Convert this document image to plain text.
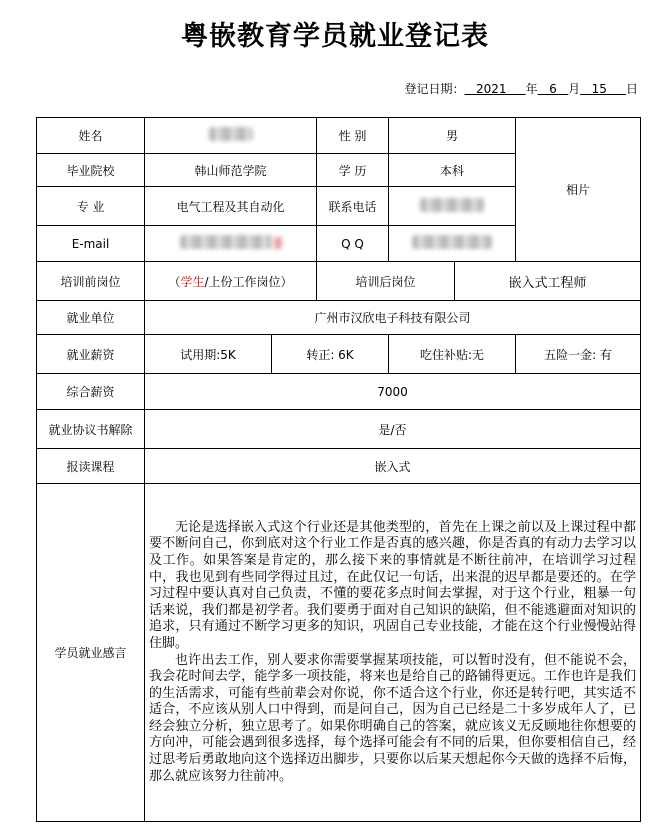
粤嵌教育学员就业登记表
登记日期： 2021 年 6 月 15 日
姓名			性 别	男		相片
毕业院校	韩山师范学院		学 历	本科		
专 业	电气工程及其自动化		联系电话			
E-mail			Q Q			
培训前岗位	（学生/上份工作岗位）		培训后岗位		嵌入式工程师	
就业单位	广州市汉欣电子科技有限公司					
就业薪资	试用期:5K	转正: 6K		吃住补贴:无		五险一金: 有
综合薪资	7000					
就业协议书解除	是/否					
报读课程	嵌入式					
学员就业感言	无论是选择嵌入式这个行业还是其他类型的，首先在上课之前以及上课过程中都要不断问自己，你到底对这个行业工作是否真的感兴趣，你是否真的有动力去学习以及工作。如果答案是肯定的，那么接下来的事情就是不断往前冲，在培训学习过程中，我也见到有些同学得过且过，在此仅记一句话，出来混的迟早都是要还的。在学习过程中要认真对自己负责，不懂的要花多点时间去掌握，对于这个行业，粗暴一句话来说，我们都是初学者。我们要勇于面对自己知识的缺陷，但不能逃避面对知识的追求，只有通过不断学习更多的知识，巩固自己专业技能，才能在这个行业慢慢站得住脚。

也许出去工作，别人要求你需要掌握某项技能，可以暂时没有，但不能说不会，我会花时间去学，能学多一项技能，将来也是给自己的路铺得更远。工作也许是我们的生活需求，可能有些前辈会对你说，你不适合这个行业，你还是转行吧，其实适不适合，不应该从别人口中得到，而是问自己，因为自己已经是二十多岁成年人了，已经会独立分析，独立思考了。如果你明确自己的答案，就应该义无反顾地往你想要的方向冲，可能会遇到很多选择，每个选择可能会有不同的后果，但你要相信自己，经过思考后勇敢地向这个选择迈出脚步，只要你以后某天想起你今天做的选择不后悔，那么就应该努力往前冲。					
